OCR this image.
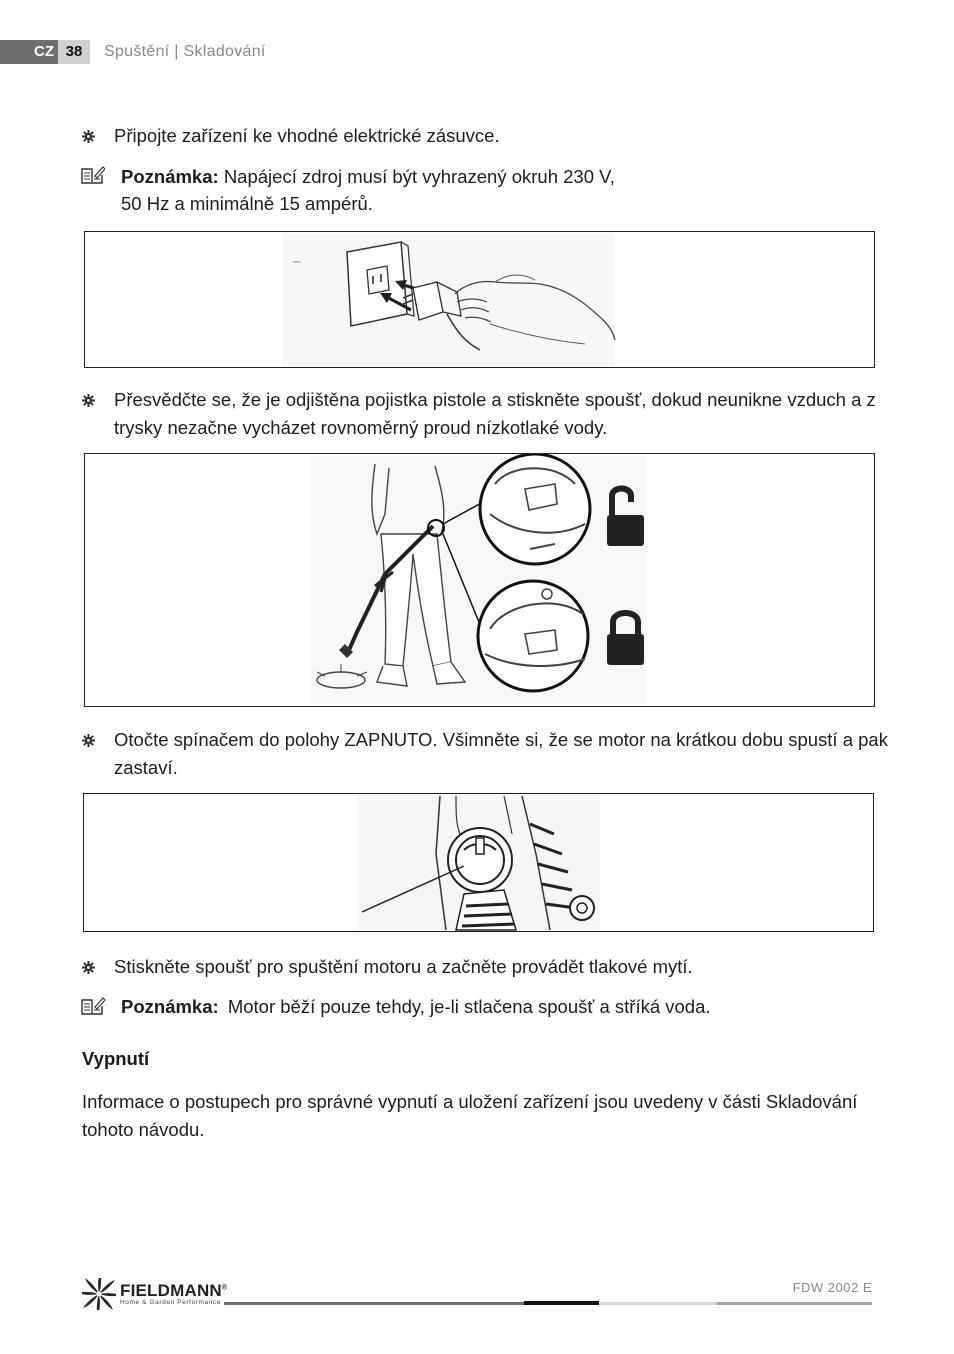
CZ 38	Spuštění | Skladování
Připojte zařízení ke vhodné elektrické zásuvce.
Poznámka: Napájecí zdroj musí být vyhrazený okruh 230 V,
50 Hz a minimálně 15 ampérů.
Přesvědčte se, že je odjištěna pojistka pistole a stiskněte spoušť, dokud neunikne vzduch a z
trysky nezačne vycházet rovnoměrný proud nízkotlaké vody.
Otočte spínačem do polohy ZAPNUTO. Všimněte si, že se motor na krátkou dobu spustí a pak
zastaví.
Stiskněte spoušť pro spuštění motoru a začněte provádět tlakové mytí.
Poznámka: Motor běží pouze tehdy, je-li stlačena spoušť a stříká voda.
Vypnutí
Informace o postupech pro správné vypnutí a uložení zařízení jsou uvedeny v části Skladování
tohoto návodu.
FIELDMANN®
Home & Garden Performance
FDW 2002 E
